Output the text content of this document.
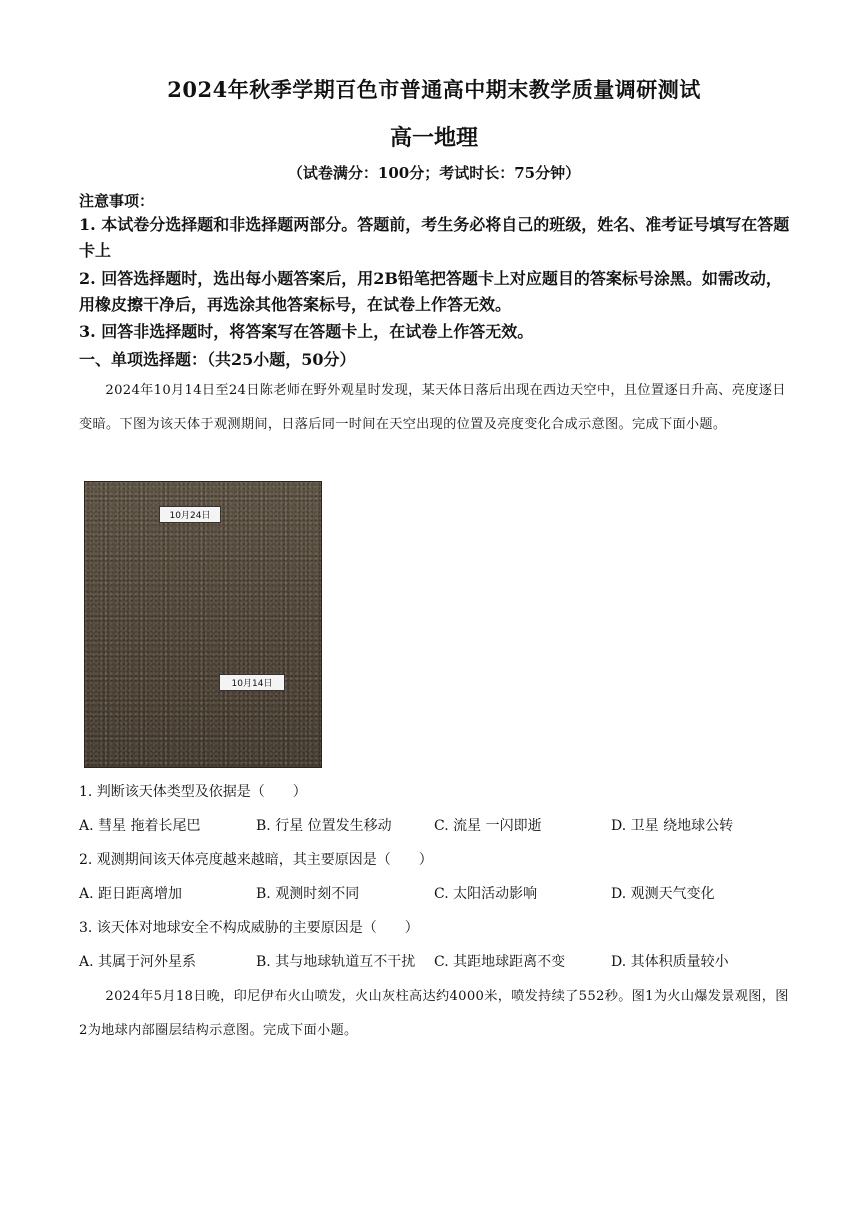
2024年秋季学期百色市普通高中期末教学质量调研测试
高一地理
（试卷满分：100分；考试时长：75分钟）
注意事项：
1. 本试卷分选择题和非选择题两部分。答题前，考生务必将自己的班级，姓名、准考证号填写在答题卡上
2. 回答选择题时，选出每小题答案后，用2B铅笔把答题卡上对应题目的答案标号涂黑。如需改动，用橡皮擦干净后，再选涂其他答案标号，在试卷上作答无效。
3. 回答非选择题时，将答案写在答题卡上，在试卷上作答无效。
一、单项选择题：（共25小题，50分）
2024年10月14日至24日陈老师在野外观星时发现，某天体日落后出现在西边天空中，且位置逐日升高、亮度逐日变暗。下图为该天体于观测期间，日落后同一时间在天空出现的位置及亮度变化合成示意图。完成下面小题。
10月24日
10月14日
1. 判断该天体类型及依据是（　　）
A. 彗星 拖着长尾巴	B. 行星 位置发生移动	C. 流星 一闪即逝	D. 卫星 绕地球公转
2. 观测期间该天体亮度越来越暗，其主要原因是（　　）
A. 距日距离增加	B. 观测时刻不同	C. 太阳活动影响	D. 观测天气变化
3. 该天体对地球安全不构成威胁的主要原因是（　　）
A. 其属于河外星系	B. 其与地球轨道互不干扰 C. 其距地球距离不变	D. 其体积质量较小
2024年5月18日晚，印尼伊布火山喷发，火山灰柱高达约4000米，喷发持续了552秒。图1为火山爆发景观图，图2为地球内部圈层结构示意图。完成下面小题。
